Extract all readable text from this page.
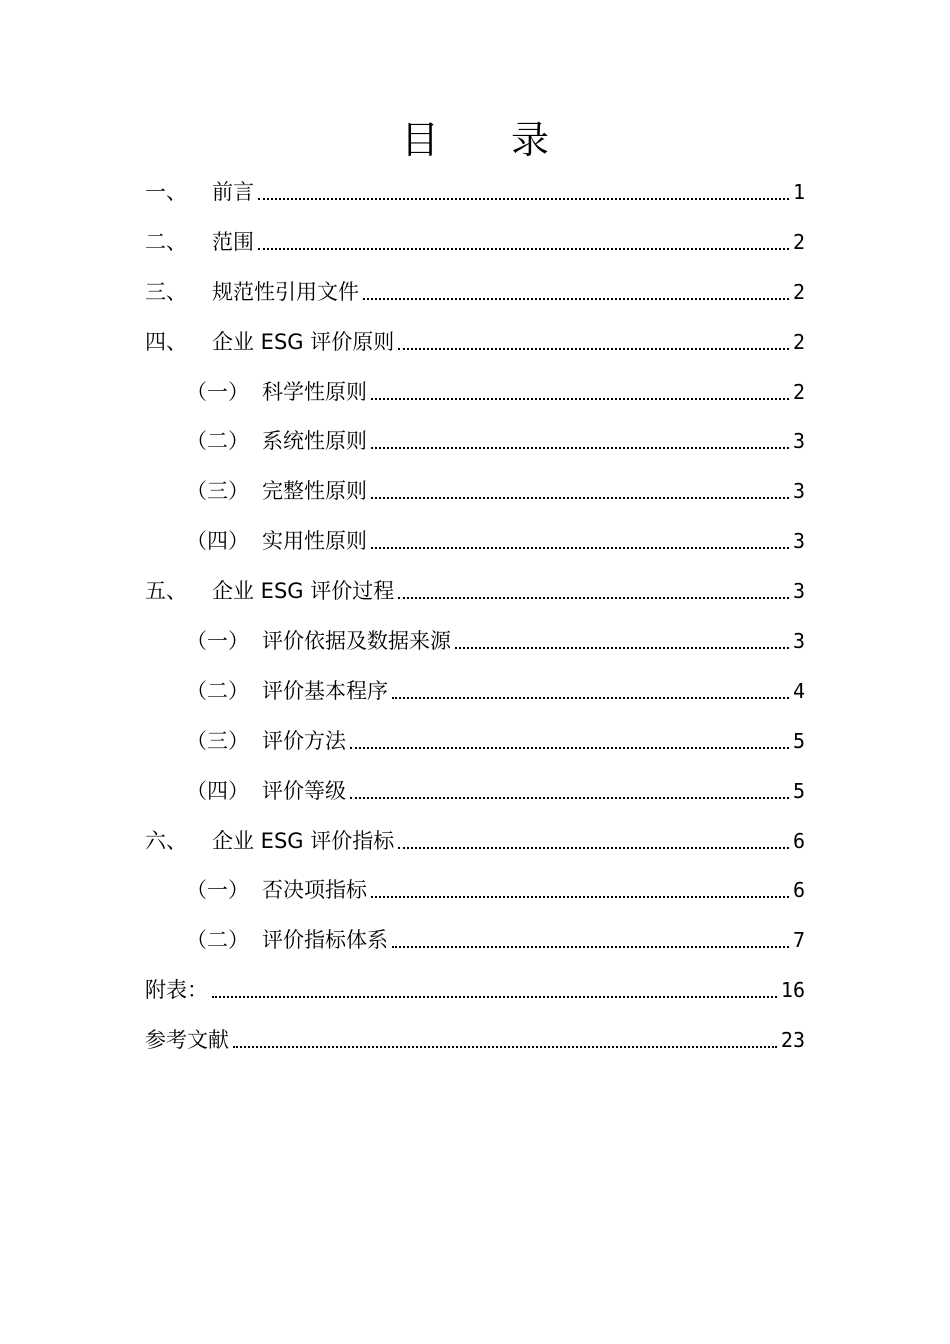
目 录
一、 前言	1
二、 范围	2
三、 规范性引用文件	2
四、 企业 ESG 评价原则	2
（一） 科学性原则	2
（二） 系统性原则	3
（三） 完整性原则	3
（四） 实用性原则	3
五、 企业 ESG 评价过程	3
（一） 评价依据及数据来源	3
（二） 评价基本程序	4
（三） 评价方法	5
（四） 评价等级	5
六、 企业 ESG 评价指标	6
（一） 否决项指标	6
（二） 评价指标体系	7
附表：	16
参考文献	23
